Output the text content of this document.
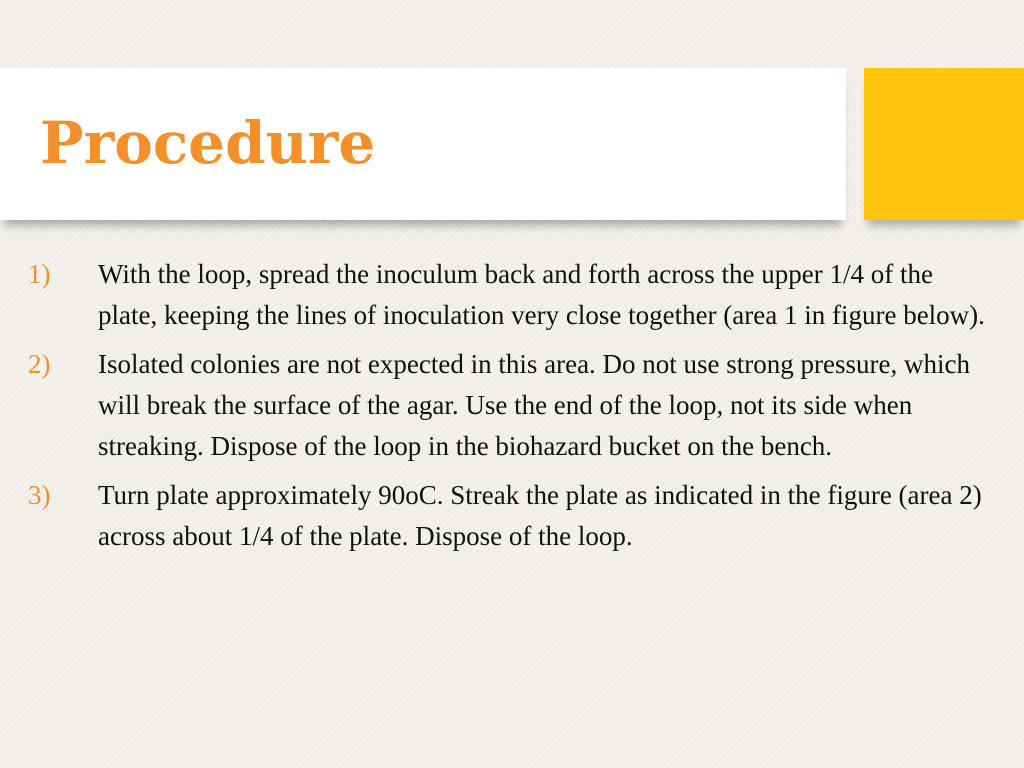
Procedure
1) With the loop, spread the inoculum back and forth across the upper 1/4 of the plate, keeping the lines of inoculation very close together (area 1 in figure below).
2) Isolated colonies are not expected in this area. Do not use strong pressure, which will break the surface of the agar. Use the end of the loop, not its side when streaking. Dispose of the loop in the biohazard bucket on the bench.
3) Turn plate approximately 90oC. Streak the plate as indicated in the figure (area 2) across about 1/4 of the plate. Dispose of the loop.
